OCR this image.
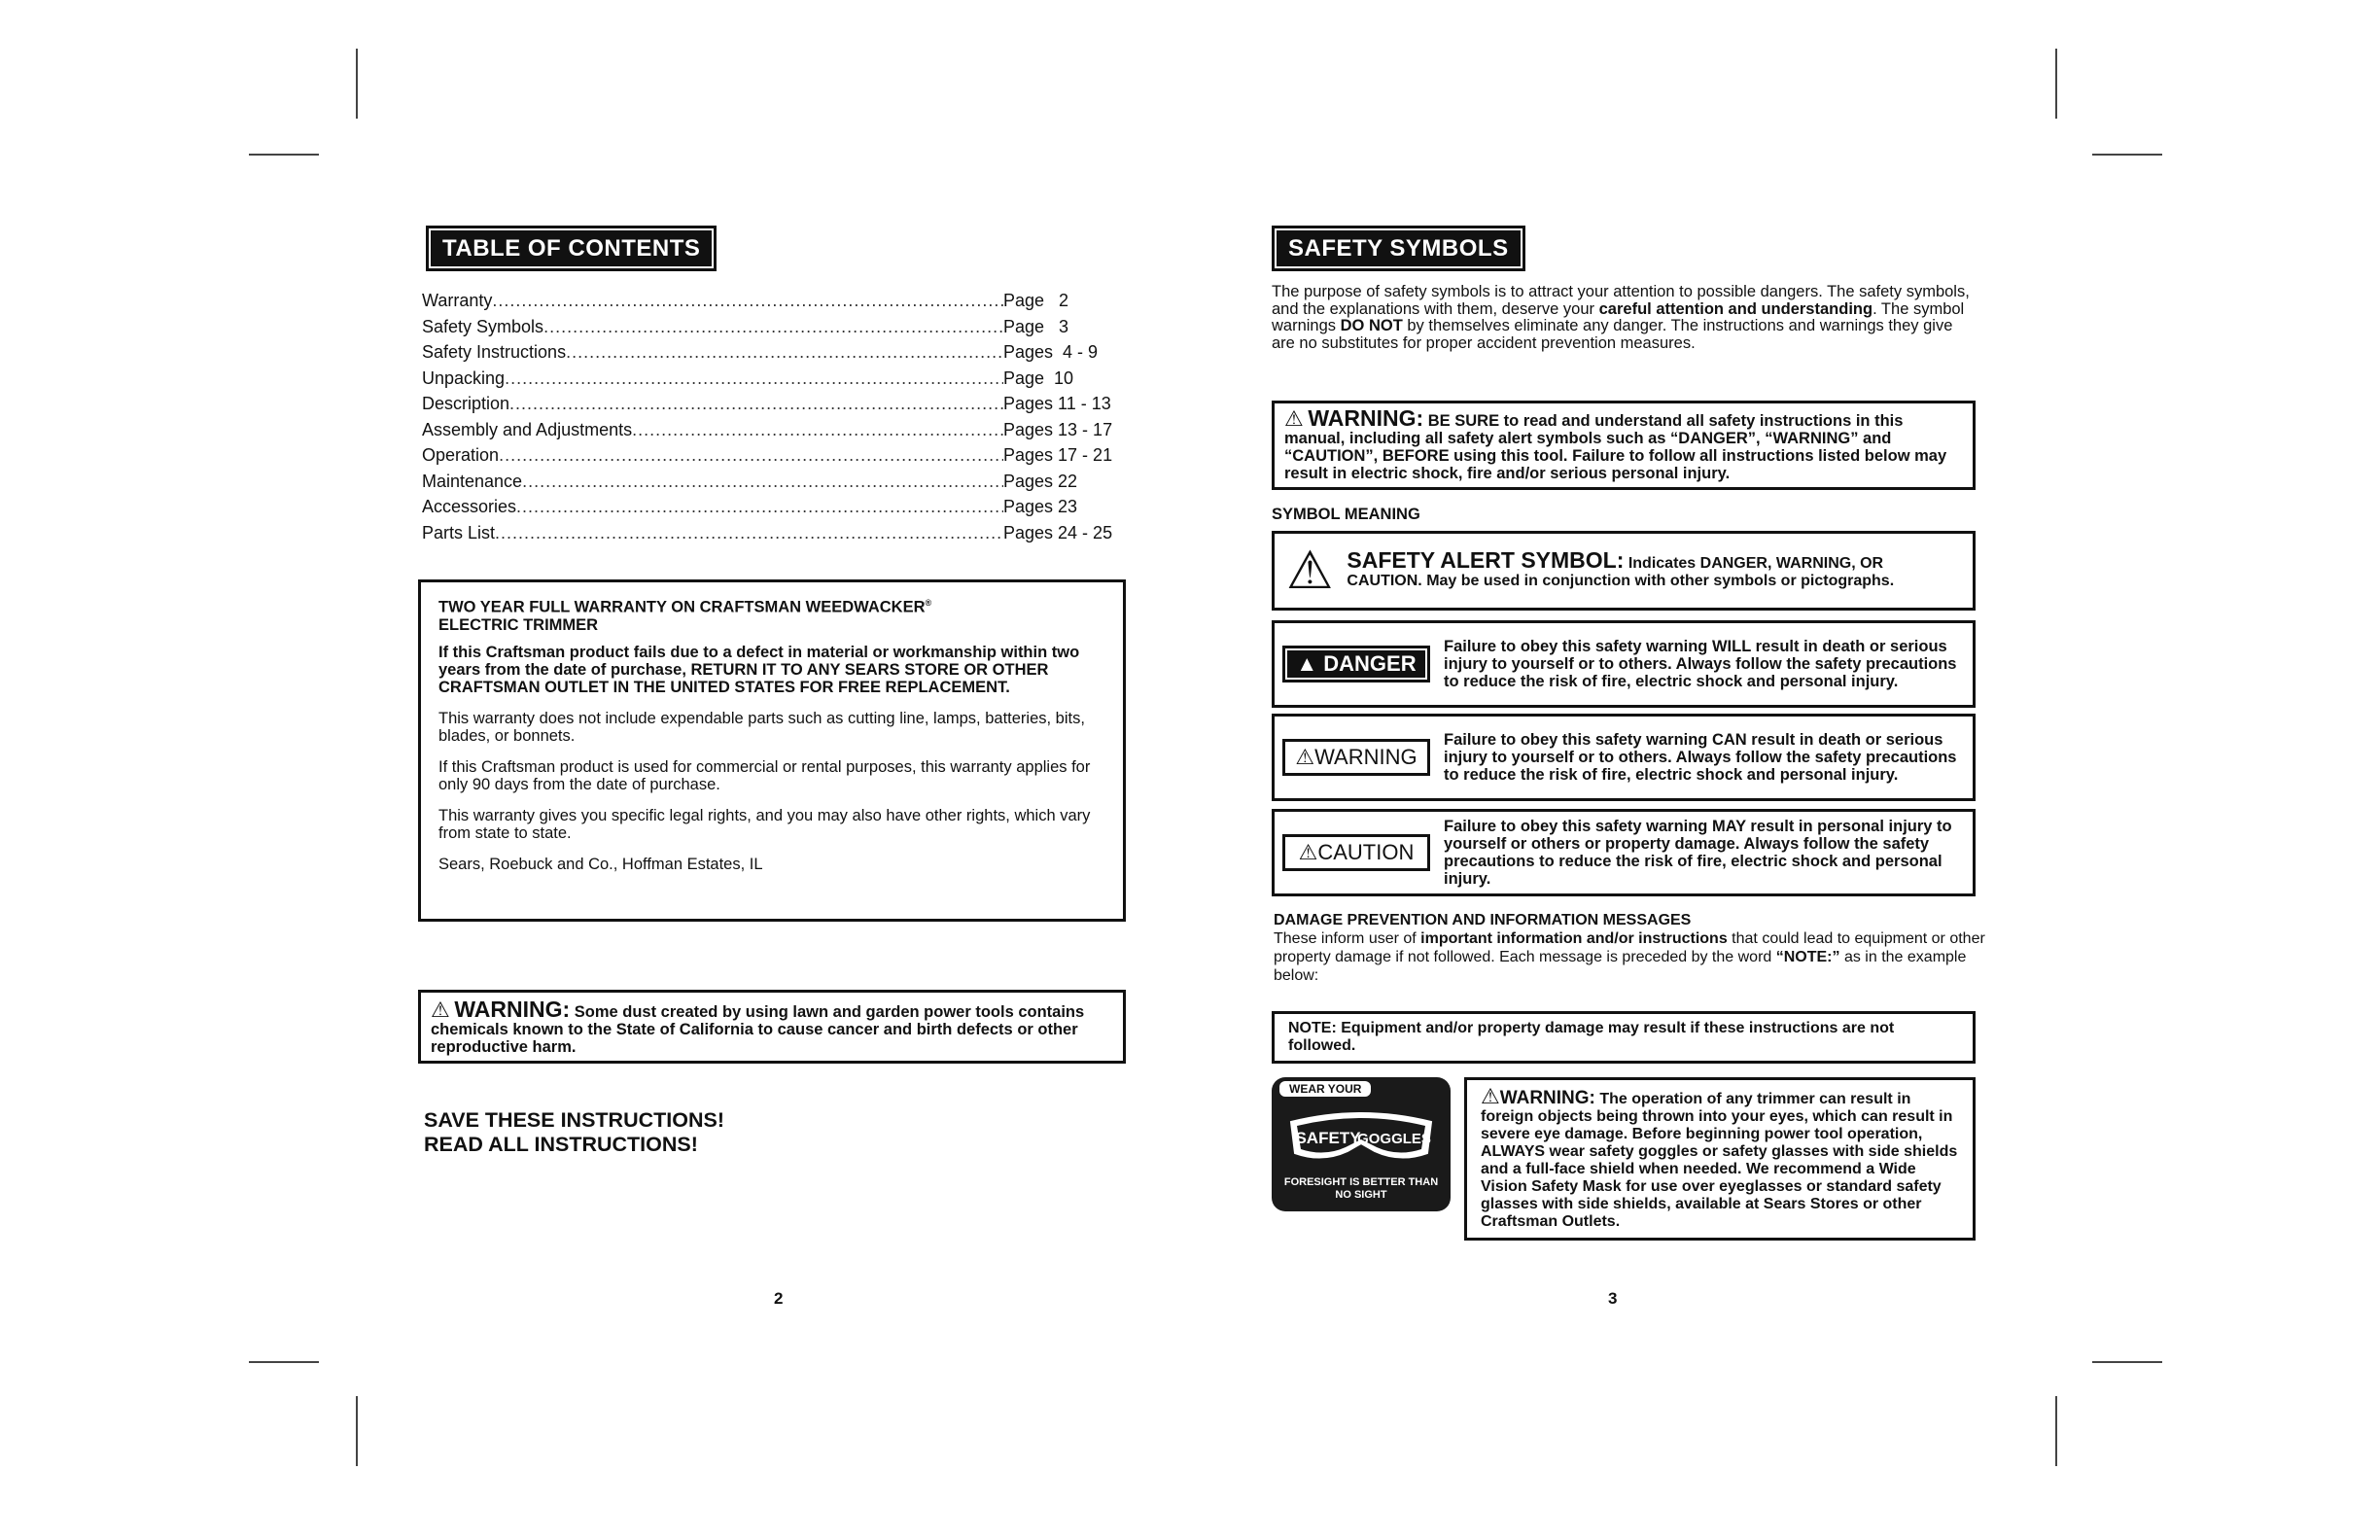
TABLE OF CONTENTS
Warranty .....	Page   2
Safety Symbols .....	Page   3
Safety Instructions .....	Pages  4 - 9
Unpacking .....	Page  10
Description .....	Pages 11 - 13
Assembly and Adjustments .....	Pages 13 - 17
Operation .....	Pages 17 - 21
Maintenance .....	Pages 22
Accessories .....	Pages 23
Parts List .....	Pages 24 - 25
TWO YEAR FULL WARRANTY ON CRAFTSMAN WEEDWACKER®
ELECTRIC TRIMMER

If this Craftsman product fails due to a defect in material or workmanship within two years from the date of purchase, RETURN IT TO ANY SEARS STORE OR OTHER CRAFTSMAN OUTLET IN THE UNITED STATES FOR FREE REPLACEMENT.

This warranty does not include expendable parts such as cutting line, lamps, batteries, bits, blades, or bonnets.

If this Craftsman product is used for commercial or rental purposes, this warranty applies for only 90 days from the date of purchase.

This warranty gives you specific legal rights, and you may also have other rights, which vary from state to state.

Sears, Roebuck and Co., Hoffman Estates, IL

⚠ WARNING: Some dust created by using lawn and garden power tools contains chemicals known to the State of California to cause cancer and birth defects or other reproductive harm.
SAVE THESE INSTRUCTIONS!
READ ALL INSTRUCTIONS!
2
SAFETY SYMBOLS
The purpose of safety symbols is to attract your attention to possible dangers. The safety symbols, and the explanations with them, deserve your careful attention and understanding. The symbol warnings DO NOT by themselves eliminate any danger. The instructions and warnings they give are no substitutes for proper accident prevention measures.
⚠ WARNING: BE SURE to read and understand all safety instructions in this manual, including all safety alert symbols such as “DANGER”, “WARNING” and “CAUTION”, BEFORE using this tool. Failure to follow all instructions listed below may result in electric shock, fire and/or serious personal injury.
SYMBOL MEANING
⚠ SAFETY ALERT SYMBOL: Indicates DANGER, WARNING, OR
CAUTION. May be used in conjunction with other symbols or pictographs.
▲ DANGER
Failure to obey this safety warning WILL result in death or serious injury to yourself or to others. Always follow the safety precautions to reduce the risk of fire, electric shock and personal injury.
⚠WARNING
Failure to obey this safety warning CAN result in death or serious injury to yourself or to others. Always follow the safety precautions to reduce the risk of fire, electric shock and personal injury.
⚠CAUTION
Failure to obey this safety warning MAY result in personal injury to yourself or others or property damage. Always follow the safety precautions to reduce the risk of fire, electric shock and personal injury.
DAMAGE PREVENTION AND INFORMATION MESSAGES
These inform user of important information and/or instructions that could lead to equipment or other property damage if not followed. Each message is preceded by the word “NOTE:” as in the example below:
NOTE: Equipment and/or property damage may result if these instructions are not followed.
WEAR YOUR
SAFETY
GOGGLES
FORESIGHT IS BETTER THAN
NO SIGHT
⚠WARNING: The operation of any trimmer can result in foreign objects being thrown into your eyes, which can result in severe eye damage. Before beginning power tool operation, ALWAYS wear safety goggles or safety glasses with side shields and a full-face shield when needed. We recommend a Wide Vision Safety Mask for use over eyeglasses or standard safety glasses with side shields, available at Sears Stores or other Craftsman Outlets.
3
